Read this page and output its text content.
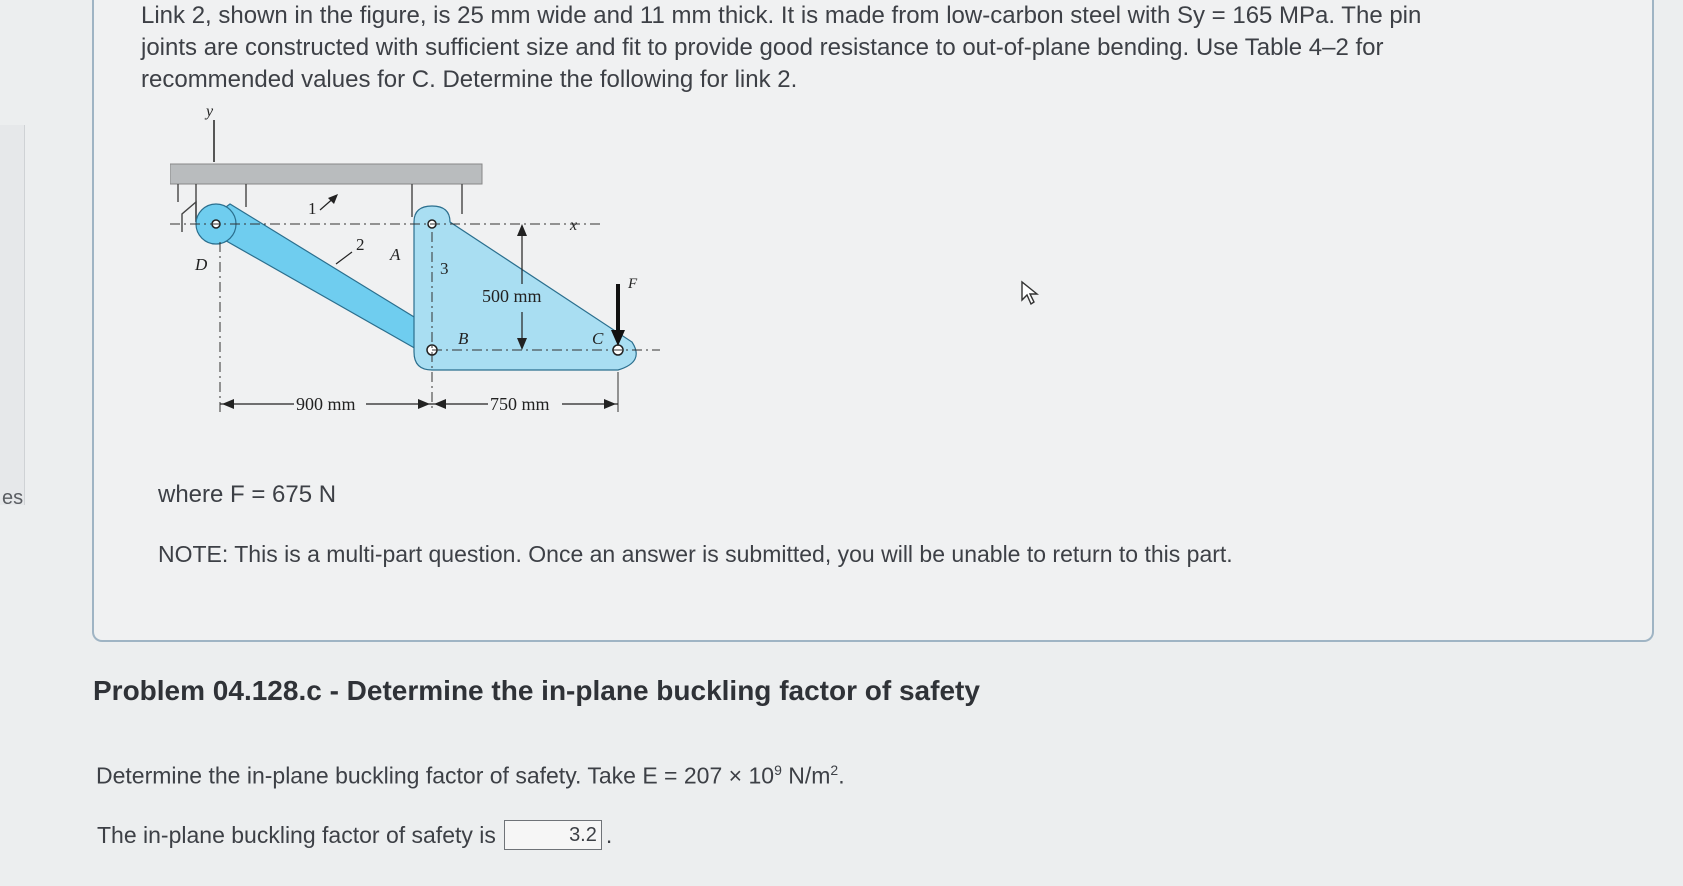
es
Link 2, shown in the figure, is 25 mm wide and 11 mm thick. It is made from low-carbon steel with Sy = 165 MPa. The pin
joints are constructed with sufficient size and fit to provide good resistance to out-of-plane bending. Use Table 4–2 for
recommended values for C. Determine the following for link 2.
y
x
500 mm
F
D
A
B	C
1
2
3
900 mm	750 mm
where F = 675 N
NOTE: This is a multi-part question. Once an answer is submitted, you will be unable to return to this part.
Problem 04.128.c - Determine the in-plane buckling factor of safety
Determine the in-plane buckling factor of safety. Take $E = 207 \times 10^9$ $N/m^2$.
The in-plane buckling factor of safety is	3.2 .
